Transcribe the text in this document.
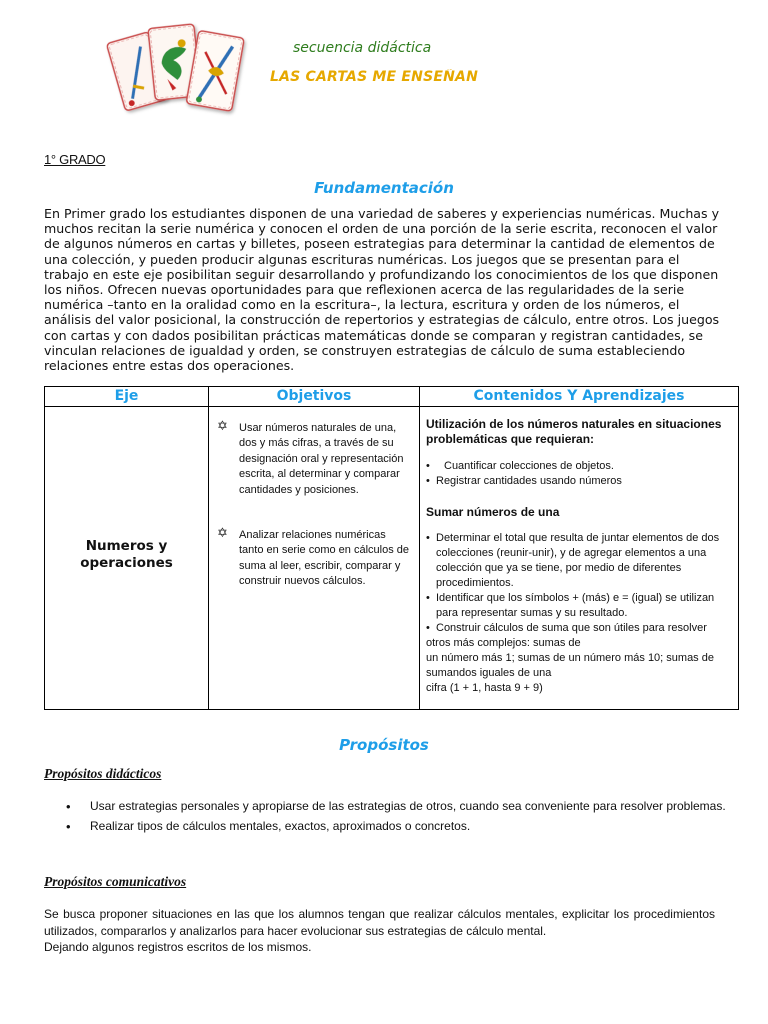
secuencia didáctica
LAS CARTAS ME ENSEÑAN
1° GRADO
Fundamentación
En Primer grado los estudiantes disponen de una variedad de saberes y experiencias numéricas. Muchas y muchos recitan la serie numérica y conocen el orden de una porción de la serie escrita, reconocen el valor de algunos números en cartas y billetes, poseen estrategias para determinar la cantidad de elementos de una colección, y pueden producir algunas escrituras numéricas. Los juegos que se presentan para el trabajo en este eje posibilitan seguir desarrollando y profundizando los conocimientos de los que disponen los niños. Ofrecen nuevas oportunidades para que reflexionen acerca de las regularidades de la serie numérica –tanto en la oralidad como en la escritura–, la lectura, escritura y orden de los números, el análisis del valor posicional, la construcción de repertorios y estrategias de cálculo, entre otros. Los juegos con cartas y con dados posibilitan prácticas matemáticas donde se comparan y registran cantidades, se vinculan relaciones de igualdad y orden, se construyen estrategias de cálculo de suma estableciendo relaciones entre estas dos operaciones.
Eje	Objetivos	Contenidos Y Aprendizajes
Numeros y operaciones
✡ Usar números naturales de una, dos y más cifras, a través de su designación oral y representación escrita, al determinar y comparar cantidades y posiciones.
✡ Analizar relaciones numéricas tanto en serie como en cálculos de suma al leer, escribir, comparar y construir nuevos cálculos.
Utilización de los números naturales en situaciones problemáticas que requieran:
• Cuantificar colecciones de objetos.
• Registrar cantidades usando números
Sumar números de una
• Determinar el total que resulta de juntar elementos de dos colecciones (reunir-unir), y de agregar elementos a una colección que ya se tiene, por medio de diferentes procedimientos.
• Identificar que los símbolos + (más) e = (igual) se utilizan para representar sumas y su resultado.
• Construir cálculos de suma que son útiles para resolver
otros más complejos: sumas de
un número más 1; sumas de un número más 10; sumas de sumandos iguales de una
cifra (1 + 1, hasta 9 + 9)
Propósitos
Propósitos didácticos
• Usar estrategias personales y apropiarse de las estrategias de otros, cuando sea conveniente para resolver problemas.
• Realizar tipos de cálculos mentales, exactos, aproximados o concretos.
Propósitos comunicativos
Se busca proponer situaciones en las que los alumnos tengan que realizar cálculos mentales, explicitar los procedimientos utilizados, compararlos y analizarlos para hacer evolucionar sus estrategias de cálculo mental.
Dejando algunos registros escritos de los mismos.
